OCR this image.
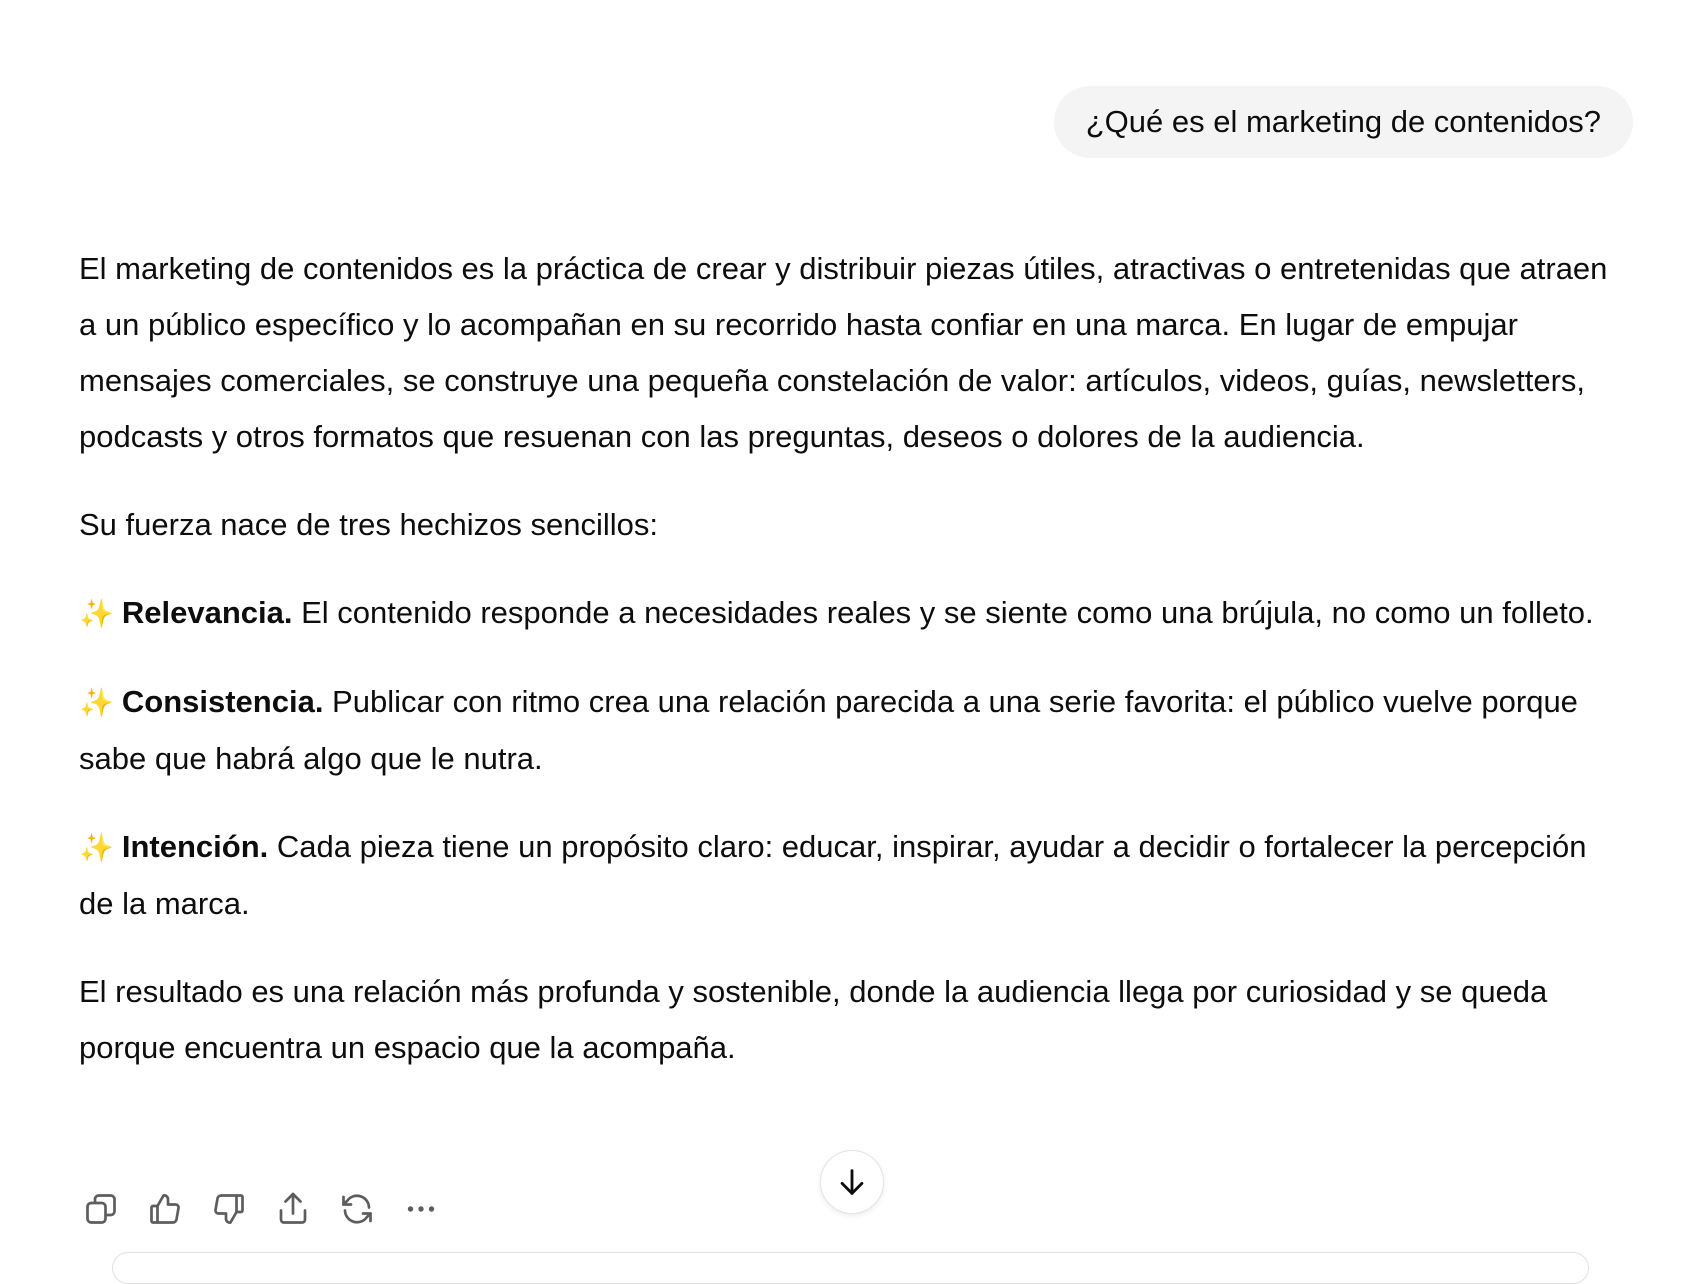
¿Qué es el marketing de contenidos?

El marketing de contenidos es la práctica de crear y distribuir piezas útiles, atractivas o entretenidas que atraen a un público específico y lo acompañan en su recorrido hasta confiar en una marca. En lugar de empujar mensajes comerciales, se construye una pequeña constelación de valor: artículos, videos, guías, newsletters, podcasts y otros formatos que resuenan con las preguntas, deseos o dolores de la audiencia.

Su fuerza nace de tres hechizos sencillos:

✨ Relevancia. El contenido responde a necesidades reales y se siente como una brújula, no como un folleto.

✨ Consistencia. Publicar con ritmo crea una relación parecida a una serie favorita: el público vuelve porque sabe que habrá algo que le nutra.

✨ Intención. Cada pieza tiene un propósito claro: educar, inspirar, ayudar a decidir o fortalecer la percepción de la marca.

El resultado es una relación más profunda y sostenible, donde la audiencia llega por curiosidad y se queda porque encuentra un espacio que la acompaña.
